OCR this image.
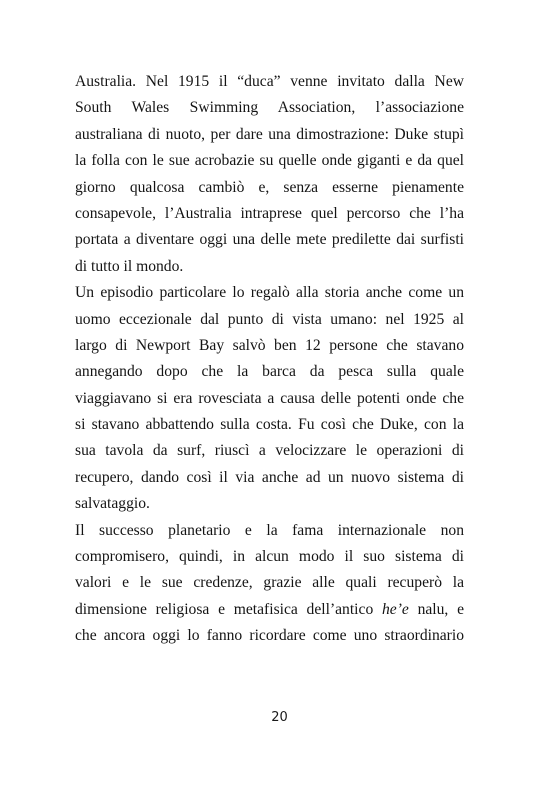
Australia. Nel 1915 il “duca” venne invitato dalla New
South Wales Swimming Association, l’associazione
australiana di nuoto, per dare una dimostrazione: Duke stupì
la folla con le sue acrobazie su quelle onde giganti e da quel
giorno qualcosa cambiò e, senza esserne pienamente
consapevole, l’Australia intraprese quel percorso che l’ha
portata a diventare oggi una delle mete predilette dai surfisti
di tutto il mondo.
Un episodio particolare lo regalò alla storia anche come un
uomo eccezionale dal punto di vista umano: nel 1925 al
largo di Newport Bay salvò ben 12 persone che stavano
annegando dopo che la barca da pesca sulla quale
viaggiavano si era rovesciata a causa delle potenti onde che
si stavano abbattendo sulla costa. Fu così che Duke, con la
sua tavola da surf, riuscì a velocizzare le operazioni di
recupero, dando così il via anche ad un nuovo sistema di
salvataggio.
Il successo planetario e la fama internazionale non
compromisero, quindi, in alcun modo il suo sistema di
valori e le sue credenze, grazie alle quali recuperò la
dimensione religiosa e metafisica dell’antico he’e nalu, e
che ancora oggi lo fanno ricordare come uno straordinario
20
